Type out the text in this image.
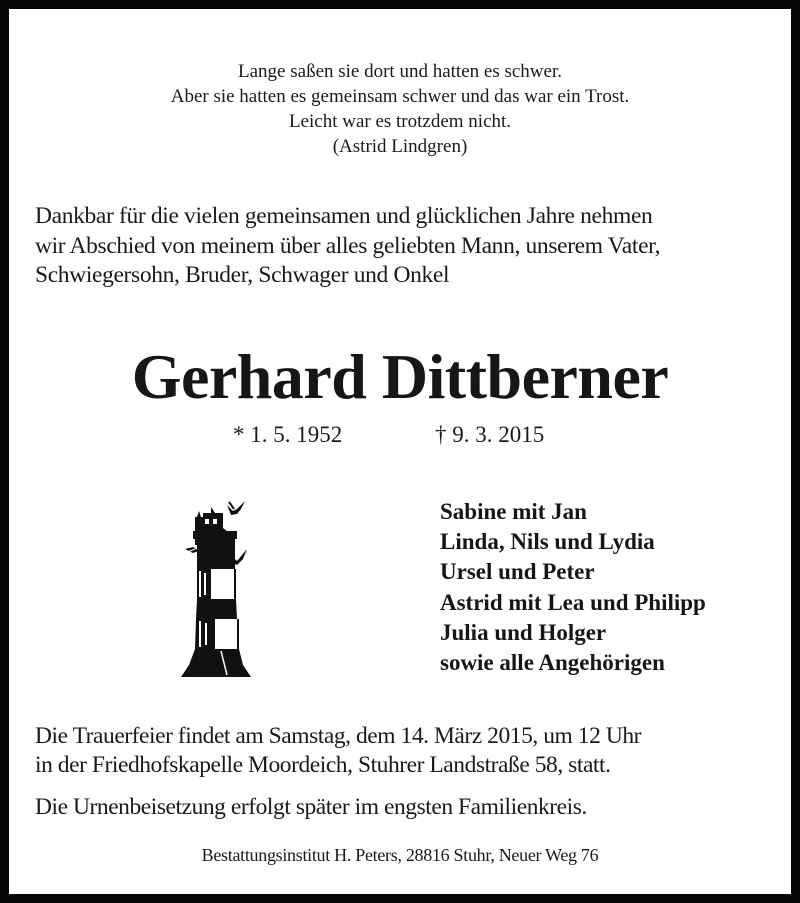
Lange saßen sie dort und hatten es schwer.
Aber sie hatten es gemeinsam schwer und das war ein Trost.
Leicht war es trotzdem nicht.
(Astrid Lindgren)
Dankbar für die vielen gemeinsamen und glücklichen Jahre nehmen
wir Abschied von meinem über alles geliebten Mann, unserem Vater,
Schwiegersohn, Bruder, Schwager und Onkel
Gerhard Dittberner
* 1. 5. 1952	† 9. 3. 2015
Sabine mit Jan
Linda, Nils und Lydia
Ursel und Peter
Astrid mit Lea und Philipp
Julia und Holger
sowie alle Angehörigen
Die Trauerfeier findet am Samstag, dem 14. März 2015, um 12 Uhr
in der Friedhofskapelle Moordeich, Stuhrer Landstraße 58, statt.
Die Urnenbeisetzung erfolgt später im engsten Familienkreis.
Bestattungsinstitut H. Peters, 28816 Stuhr, Neuer Weg 76
